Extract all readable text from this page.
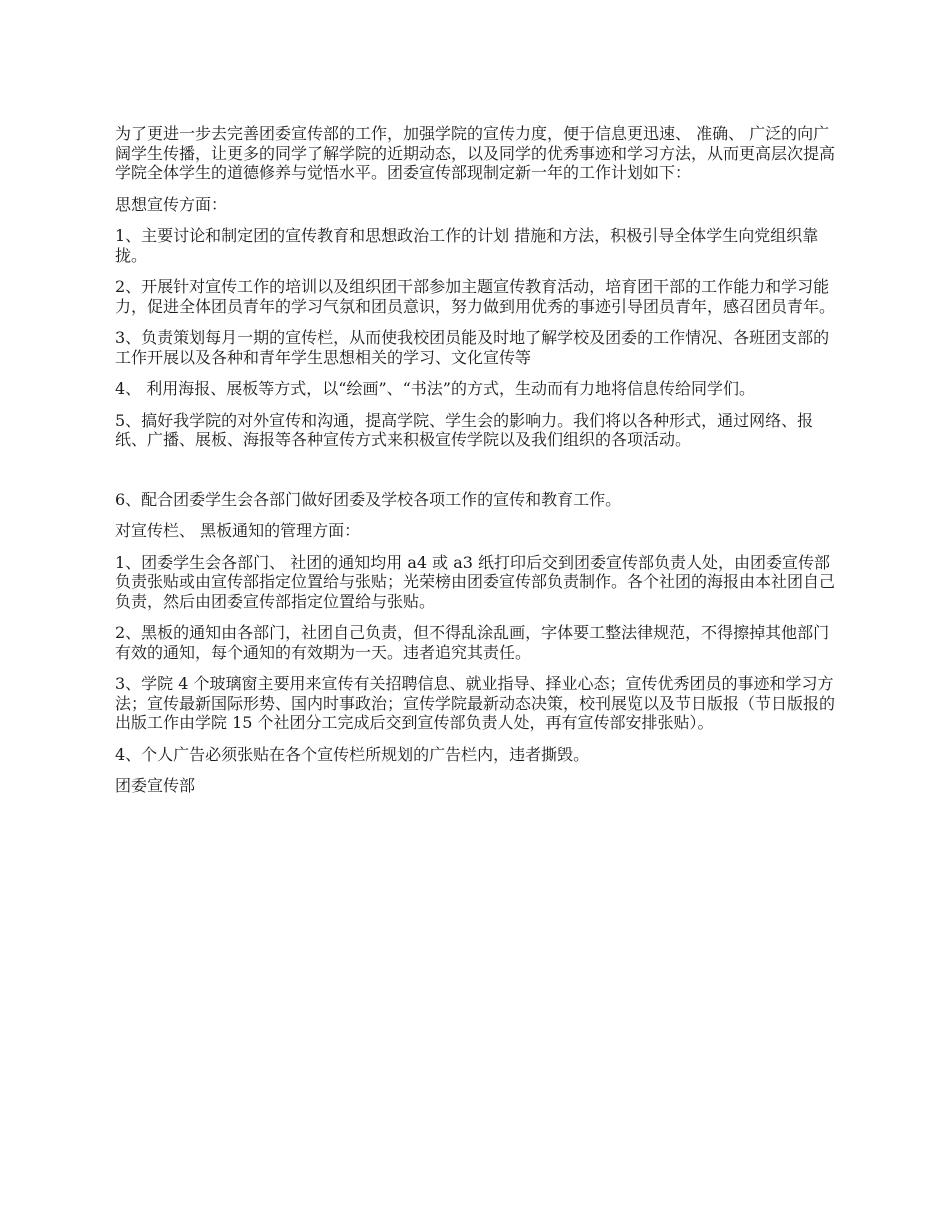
为了更进一步去完善团委宣传部的工作，加强学院的宣传力度，便于信息更迅速、 准确、 广泛的向广阔学生传播，让更多的同学了解学院的近期动态，以及同学的优秀事迹和学习方法，从而更高层次提高学院全体学生的道德修养与觉悟水平。团委宣传部现制定新一年的工作计划如下：

思想宣传方面：

1、主要讨论和制定团的宣传教育和思想政治工作的计划 措施和方法，积极引导全体学生向党组织靠拢。

2、开展针对宣传工作的培训以及组织团干部参加主题宣传教育活动，培育团干部的工作能力和学习能力，促进全体团员青年的学习气氛和团员意识，努力做到用优秀的事迹引导团员青年，感召团员青年。

3、负责策划每月一期的宣传栏，从而使我校团员能及时地了解学校及团委的工作情况、各班团支部的工作开展以及各种和青年学生思想相关的学习、文化宣传等

4、 利用海报、展板等方式，以“绘画”、“书法”的方式，生动而有力地将信息传给同学们。

5、搞好我学院的对外宣传和沟通，提高学院、学生会的影响力。我们将以各种形式，通过网络、报纸、广播、展板、海报等各种宣传方式来积极宣传学院以及我们组织的各项活动。

6、配合团委学生会各部门做好团委及学校各项工作的宣传和教育工作。

对宣传栏、 黑板通知的管理方面：

1、团委学生会各部门、 社团的通知均用 a4 或 a3 纸打印后交到团委宣传部负责人处，由团委宣传部负责张贴或由宣传部指定位置给与张贴；光荣榜由团委宣传部负责制作。各个社团的海报由本社团自己负责，然后由团委宣传部指定位置给与张贴。

2、黑板的通知由各部门，社团自己负责，但不得乱涂乱画，字体要工整法律规范，不得擦掉其他部门有效的通知，每个通知的有效期为一天。违者追究其责任。

3、学院 4 个玻璃窗主要用来宣传有关招聘信息、就业指导、择业心态；宣传优秀团员的事迹和学习方法；宣传最新国际形势、国内时事政治；宣传学院最新动态决策，校刊展览以及节日版报（节日版报的出版工作由学院 15 个社团分工完成后交到宣传部负责人处，再有宣传部安排张贴）。

4、个人广告必须张贴在各个宣传栏所规划的广告栏内，违者撕毁。

团委宣传部
